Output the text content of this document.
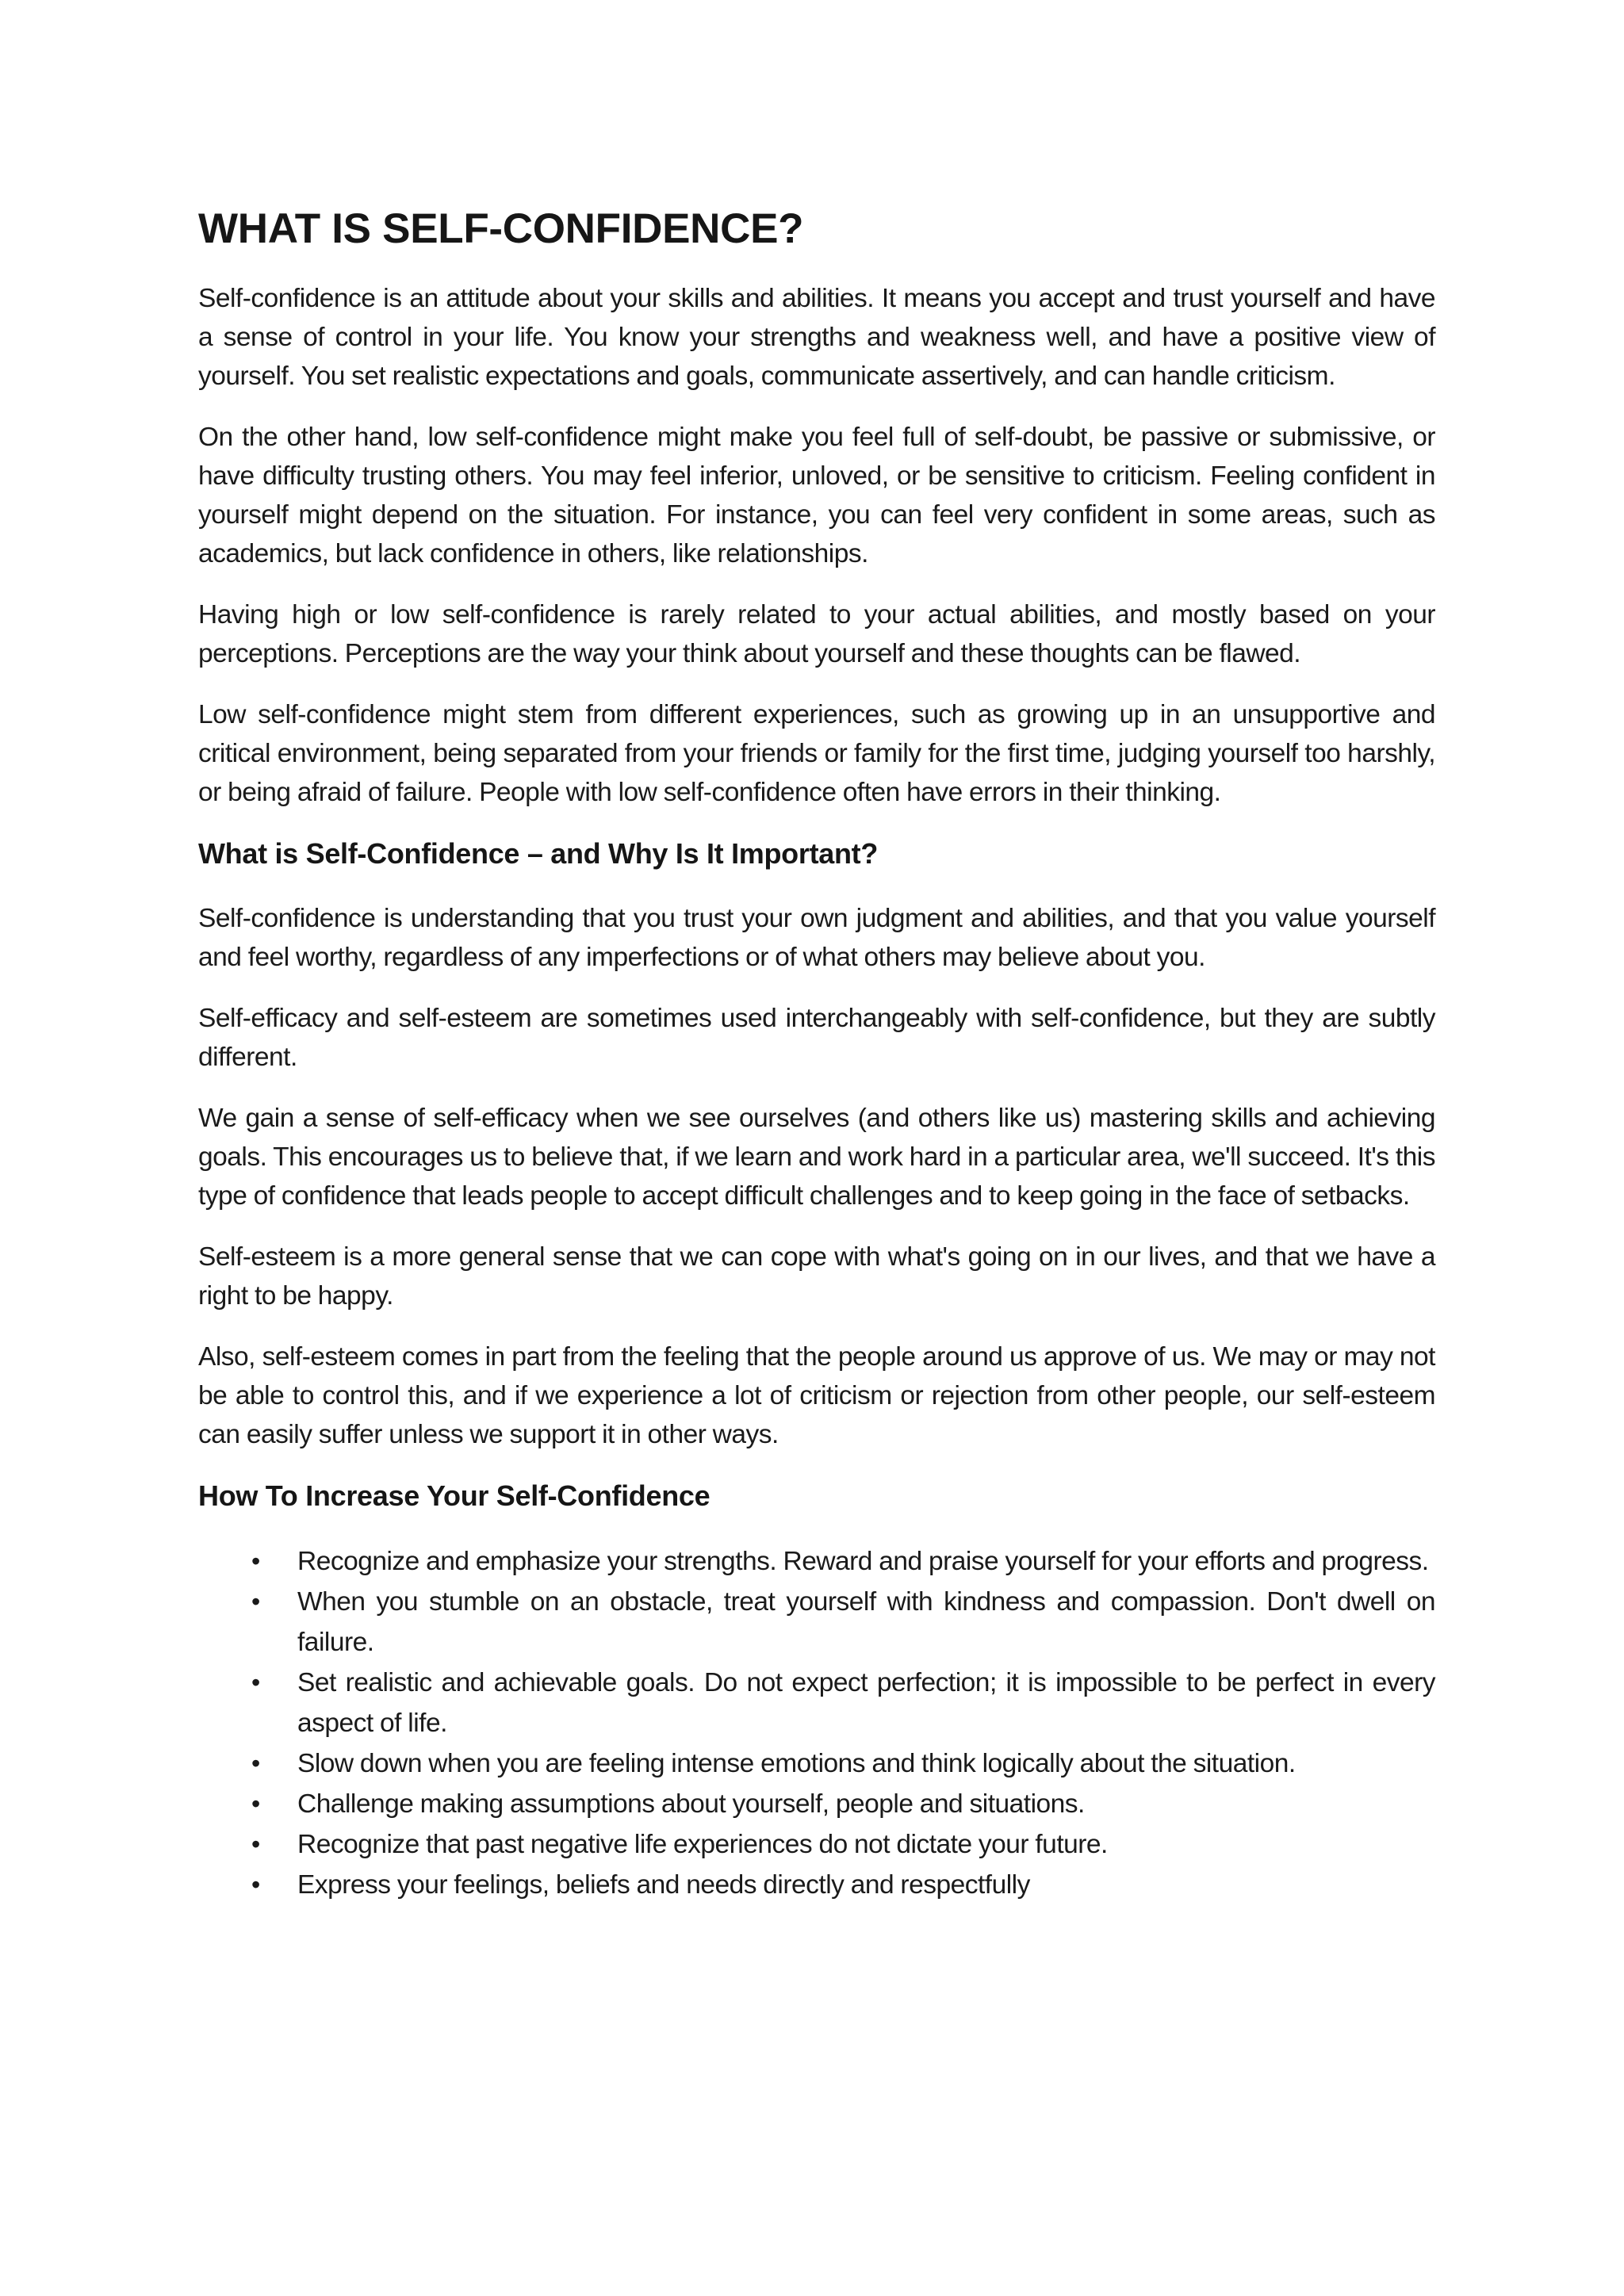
WHAT IS SELF-CONFIDENCE?

Self-confidence is an attitude about your skills and abilities. It means you accept and trust yourself and have a sense of control in your life. You know your strengths and weakness well, and have a positive view of yourself. You set realistic expectations and goals, communicate assertively, and can handle criticism.

On the other hand, low self-confidence might make you feel full of self-doubt, be passive or submissive, or have difficulty trusting others. You may feel inferior, unloved, or be sensitive to criticism. Feeling confident in yourself might depend on the situation. For instance, you can feel very confident in some areas, such as academics, but lack confidence in others, like relationships.

Having high or low self-confidence is rarely related to your actual abilities, and mostly based on your perceptions. Perceptions are the way your think about yourself and these thoughts can be flawed.

Low self-confidence might stem from different experiences, such as growing up in an unsupportive and critical environment, being separated from your friends or family for the first time, judging yourself too harshly, or being afraid of failure. People with low self-confidence often have errors in their thinking.

What is Self-Confidence – and Why Is It Important?

Self-confidence is understanding that you trust your own judgment and abilities, and that you value yourself and feel worthy, regardless of any imperfections or of what others may believe about you.

Self-efficacy and self-esteem are sometimes used interchangeably with self-confidence, but they are subtly different.

We gain a sense of self-efficacy when we see ourselves (and others like us) mastering skills and achieving goals. This encourages us to believe that, if we learn and work hard in a particular area, we'll succeed. It's this type of confidence that leads people to accept difficult challenges and to keep going in the face of setbacks.

Self-esteem is a more general sense that we can cope with what's going on in our lives, and that we have a right to be happy.

Also, self-esteem comes in part from the feeling that the people around us approve of us. We may or may not be able to control this, and if we experience a lot of criticism or rejection from other people, our self-esteem can easily suffer unless we support it in other ways.

How To Increase Your Self-Confidence
• Recognize and emphasize your strengths. Reward and praise yourself for your efforts and progress.
• When you stumble on an obstacle, treat yourself with kindness and compassion. Don't dwell on failure.
• Set realistic and achievable goals. Do not expect perfection; it is impossible to be perfect in every aspect of life.
• Slow down when you are feeling intense emotions and think logically about the situation.
• Challenge making assumptions about yourself, people and situations.
• Recognize that past negative life experiences do not dictate your future.
• Express your feelings, beliefs and needs directly and respectfully
